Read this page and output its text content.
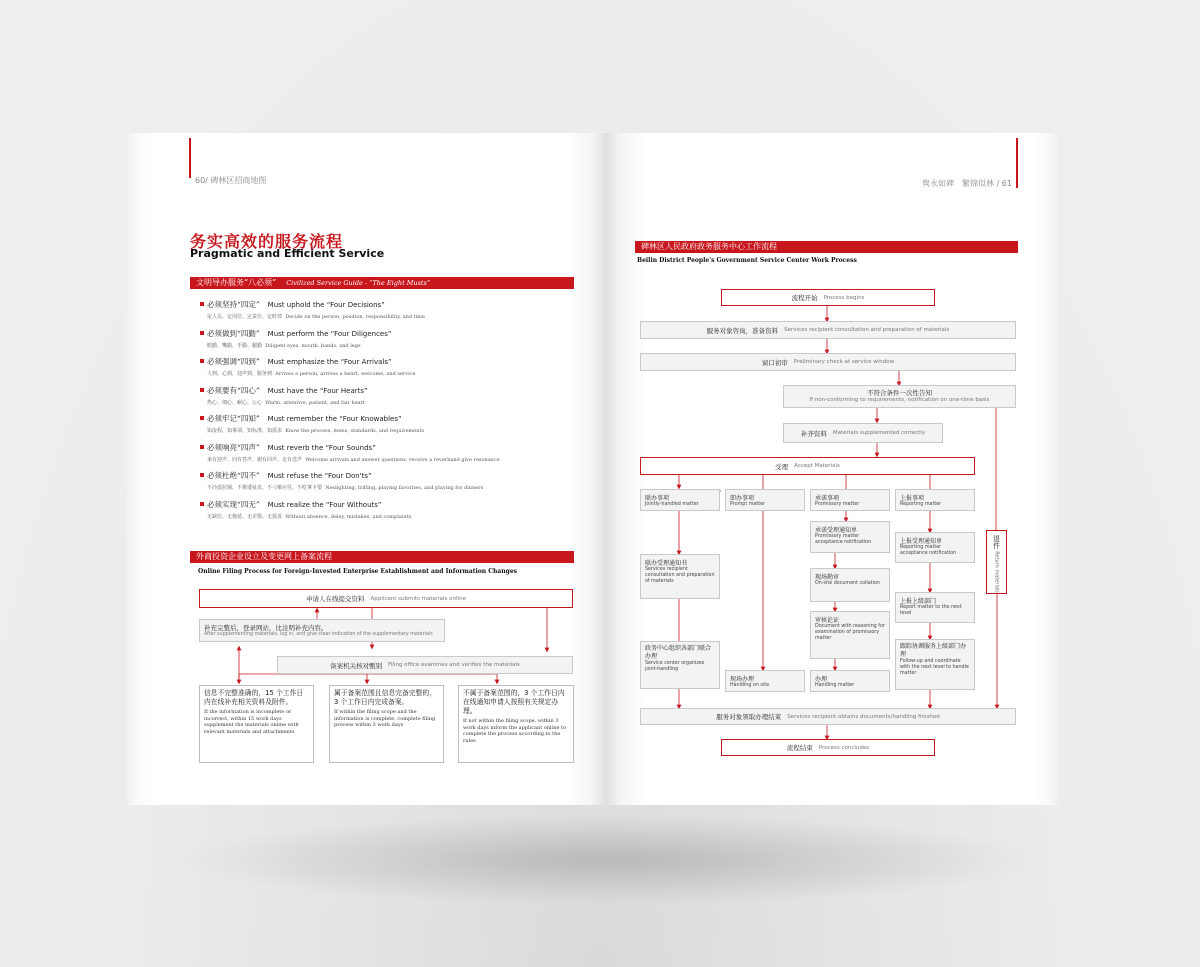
60/ 碑林区招商地图
务实高效的服务流程
Pragmatic and Efficient Service
文明导办服务“八必须” Civilized Service Guide - “The Eight Musts”
必须坚持“四定” Must uphold the “Four Decisions”
定人员、定岗位、定责任、定时效 Decide on the person, position, responsibility, and time
必须做到“四勤” Must perform the “Four Diligences”
眼勤、嘴勤、手勤、腿勤 Diligent eyes, mouth, hands, and legs
必须强调“四到” Must emphasize the “Four Arrivals”
人到、心到、迎声到、服务到 Arrives a person, arrives a heart, welcome, and service
必须要有“四心” Must have the “Four Hearts”
热心、细心、耐心、公心 Warm, attentive, patient, and fair heart
必须牢记“四知” Must remember the “Four Knowables”
知流程、知事项、知标准、知需求 Know the process, items, standards, and requirements
必须响亮“四声” Must reverb the “Four Sounds”
来有迎声、问有答声、谢有回声、走有送声 Welcome arrivals and answer questions, receive a reverband give resonance
必须杜绝“四不” Must refuse the “Four Don'ts”
不冷漠拉锁、不推诿扯皮、不刁难应付、不吃拿卡要 Neslighting, trifling, playing favorites, and playing for dinners
必须实现“四无” Must realize the “Four Withouts”
无缺位、无拖延、无差错、无投诉 Without absence, delay, mistakes, and complaints
外商投资企业设立及变更网上备案流程
Online Filing Process for Foreign-Invested Enterprise Establishment and Information Changes
申请人在线提交资料 Applicant submits materials online
补充完整后，登录网站，比注明补充内容。
After supplementing materials, log in, and give clear indication of the supplementary materials
备案机关核对甄别 Filing office examines and verifies the materials
信息不完整准确的，15 个工作日内在线补充相关资料及附件。
If the information is incomplete or incorrect, within 15 work days supplement the materials online with relevant materials and attachments
属于备案范围且信息完备完整的，3 个工作日内完成备案。
If within the filing scope and the information is complete, complete filing process within 3 work days
不属于备案范围的，3 个工作日内在线通知申请人按照有关规定办理。
If not within the filing scope, within 3 work days inform the applicant online to complete the process according to the rules
隽永如碑　繁锦似林 / 61
碑林区人民政府政务服务中心工作流程
Beilin District People's Government Service Center Work Process
流程开始 Process begins
服务对象咨询，准备资料 Services recipient consultation and preparation of materials
窗口初审 Preliminary check at service window
不符合条件一次性告知
If non-conforming to requirements, notification on one-time basis
补齐资料 Materials supplemented correctly
受理 Accept Materials
退件 Return materials
联办事项
Jointly-handled matter
联办受理通知书
Services recipient consultation and preparation of materials
政务中心组织各部门联合办理
Service center organizes joint-handling
即办事项
Prompt matter
现场办理
Handling on site
承诺事项
Promissory matter
承诺受理通知单
Promissory matter acceptance notification
现场勘审
On-site document collation
审核论证
Document with reasoning for examination of promissory matter
办理
Handling matter
上报事项
Reporting matter
上报受理通知单
Reporting matter acceptance notification
上报上级部门
Report matter to the next level
跟踪协调服务上级部门办理
Follow-up and coordinate with the next level to handle matter
服务对象领取办理结束 Services recipient obtains documents/handling finished
流程结束 Process concludes
